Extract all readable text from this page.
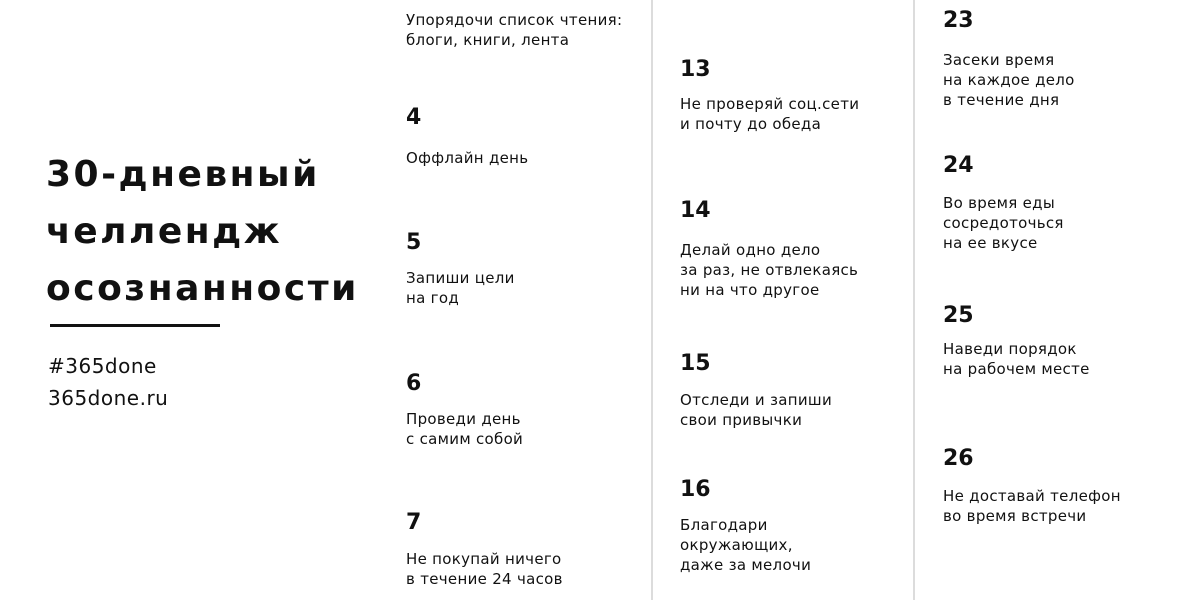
30-дневный
челлендж
осознанности
#365done
365done.ru
Упорядочи список чтения:
блоги, книги, лента
4
Оффлайн день
5
Запиши цели
на год
6
Проведи день
с самим собой
7
Не покупай ничего
в течение 24 часов
13
Не проверяй соц.сети
и почту до обеда
14
Делай одно дело
за раз, не отвлекаясь
ни на что другое
15
Отследи и запиши
свои привычки
16
Благодари
окружающих,
даже за мелочи
23
Засеки время
на каждое дело
в течение дня
24
Во время еды
сосредоточься
на ее вкусе
25
Наведи порядок
на рабочем месте
26
Не доставай телефон
во время встречи
